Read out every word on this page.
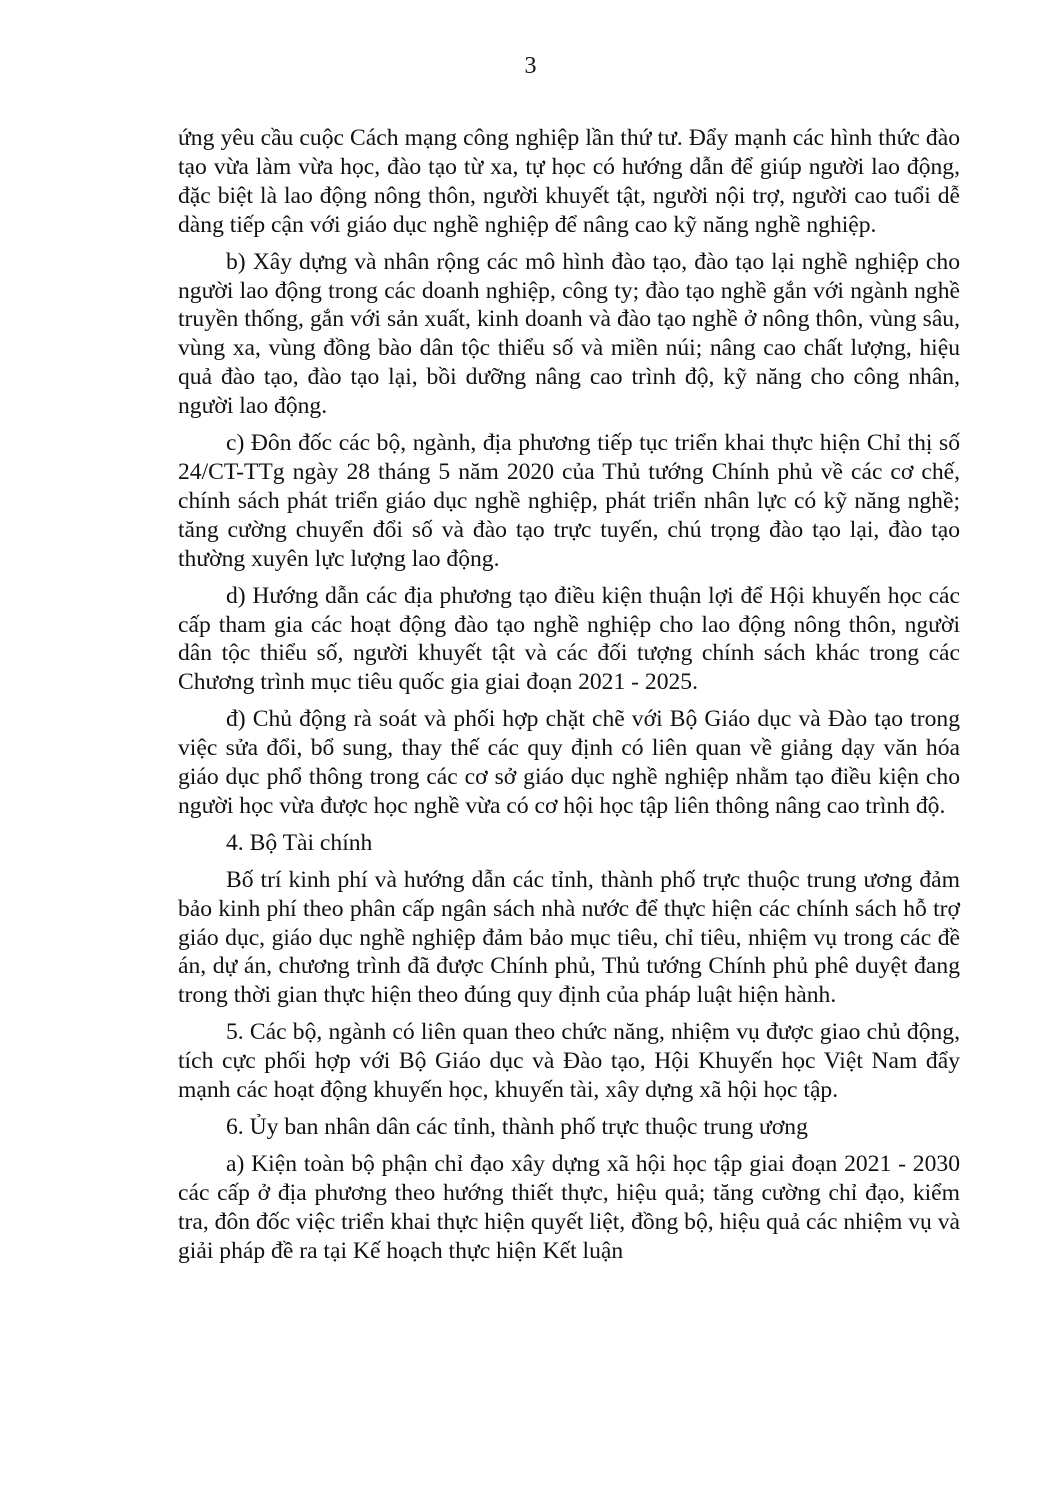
3

ứng yêu cầu cuộc Cách mạng công nghiệp lần thứ tư. Đẩy mạnh các hình thức đào tạo vừa làm vừa học, đào tạo từ xa, tự học có hướng dẫn để giúp người lao động, đặc biệt là lao động nông thôn, người khuyết tật, người nội trợ, người cao tuổi dễ dàng tiếp cận với giáo dục nghề nghiệp để nâng cao kỹ năng nghề nghiệp.

b) Xây dựng và nhân rộng các mô hình đào tạo, đào tạo lại nghề nghiệp cho người lao động trong các doanh nghiệp, công ty; đào tạo nghề gắn với ngành nghề truyền thống, gắn với sản xuất, kinh doanh và đào tạo nghề ở nông thôn, vùng sâu, vùng xa, vùng đồng bào dân tộc thiểu số và miền núi; nâng cao chất lượng, hiệu quả đào tạo, đào tạo lại, bồi dưỡng nâng cao trình độ, kỹ năng cho công nhân, người lao động.

c) Đôn đốc các bộ, ngành, địa phương tiếp tục triển khai thực hiện Chỉ thị số 24/CT-TTg ngày 28 tháng 5 năm 2020 của Thủ tướng Chính phủ về các cơ chế, chính sách phát triển giáo dục nghề nghiệp, phát triển nhân lực có kỹ năng nghề; tăng cường chuyển đổi số và đào tạo trực tuyến, chú trọng đào tạo lại, đào tạo thường xuyên lực lượng lao động.

d) Hướng dẫn các địa phương tạo điều kiện thuận lợi để Hội khuyến học các cấp tham gia các hoạt động đào tạo nghề nghiệp cho lao động nông thôn, người dân tộc thiểu số, người khuyết tật và các đối tượng chính sách khác trong các Chương trình mục tiêu quốc gia giai đoạn 2021 - 2025.

đ) Chủ động rà soát và phối hợp chặt chẽ với Bộ Giáo dục và Đào tạo trong việc sửa đổi, bổ sung, thay thế các quy định có liên quan về giảng dạy văn hóa giáo dục phổ thông trong các cơ sở giáo dục nghề nghiệp nhằm tạo điều kiện cho người học vừa được học nghề vừa có cơ hội học tập liên thông nâng cao trình độ.

4. Bộ Tài chính

Bố trí kinh phí và hướng dẫn các tỉnh, thành phố trực thuộc trung ương đảm bảo kinh phí theo phân cấp ngân sách nhà nước để thực hiện các chính sách hỗ trợ giáo dục, giáo dục nghề nghiệp đảm bảo mục tiêu, chỉ tiêu, nhiệm vụ trong các đề án, dự án, chương trình đã được Chính phủ, Thủ tướng Chính phủ phê duyệt đang trong thời gian thực hiện theo đúng quy định của pháp luật hiện hành.

5. Các bộ, ngành có liên quan theo chức năng, nhiệm vụ được giao chủ động, tích cực phối hợp với Bộ Giáo dục và Đào tạo, Hội Khuyến học Việt Nam đẩy mạnh các hoạt động khuyến học, khuyến tài, xây dựng xã hội học tập.

6. Ủy ban nhân dân các tỉnh, thành phố trực thuộc trung ương

a) Kiện toàn bộ phận chỉ đạo xây dựng xã hội học tập giai đoạn 2021 - 2030 các cấp ở địa phương theo hướng thiết thực, hiệu quả; tăng cường chỉ đạo, kiểm tra, đôn đốc việc triển khai thực hiện quyết liệt, đồng bộ, hiệu quả các nhiệm vụ và giải pháp đề ra tại Kế hoạch thực hiện Kết luận
